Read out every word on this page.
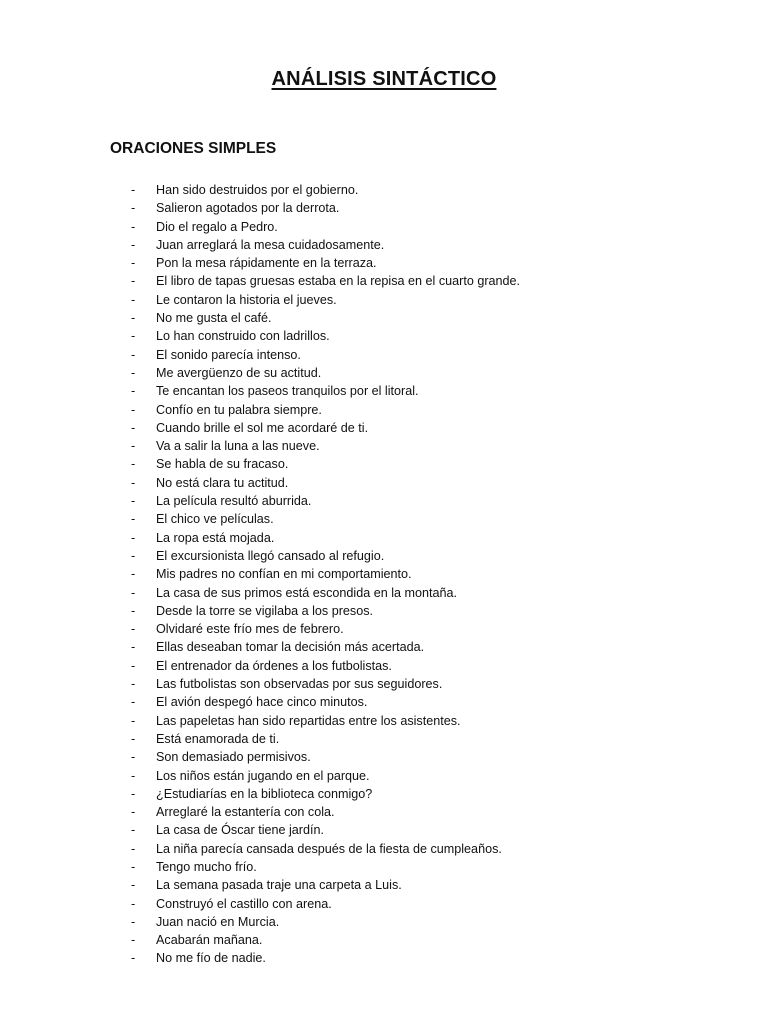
ANÁLISIS SINTÁCTICO
ORACIONES SIMPLES
-	Han sido destruidos por el gobierno.
-	Salieron agotados por la derrota.
-	Dio el regalo a Pedro.
-	Juan arreglará la mesa cuidadosamente.
-	Pon la mesa rápidamente en la terraza.
-	El libro de tapas gruesas estaba en la repisa en el cuarto grande.
-	Le contaron la historia el jueves.
-	No me gusta el café.
-	Lo han construido con ladrillos.
-	El sonido parecía intenso.
-	Me avergüenzo de su actitud.
-	Te encantan los paseos tranquilos por el litoral.
-	Confío en tu palabra siempre.
-	Cuando brille el sol me acordaré de ti.
-	Va a salir la luna a las nueve.
-	Se habla de su fracaso.
-	No está clara tu actitud.
-	La película resultó aburrida.
-	El chico ve películas.
-	La ropa está mojada.
-	El excursionista llegó cansado al refugio.
-	Mis padres no confían en mi comportamiento.
-	La casa de sus primos está escondida en la montaña.
-	Desde la torre se vigilaba a los presos.
-	Olvidaré este frío mes de febrero.
-	Ellas deseaban tomar la decisión más acertada.
-	El entrenador da órdenes a los futbolistas.
-	Las futbolistas son observadas por sus seguidores.
-	El avión despegó hace cinco minutos.
-	Las papeletas han sido repartidas entre los asistentes.
-	Está enamorada de ti.
-	Son demasiado permisivos.
-	Los niños están jugando en el parque.
-	¿Estudiarías en la biblioteca conmigo?
-	Arreglaré la estantería con cola.
-	La casa de Óscar tiene jardín.
-	La niña parecía cansada después de la fiesta de cumpleaños.
-	Tengo mucho frío.
-	La semana pasada traje una carpeta a Luis.
-	Construyó el castillo con arena.
-	Juan nació en Murcia.
-	Acabarán mañana.
-	No me fío de nadie.
